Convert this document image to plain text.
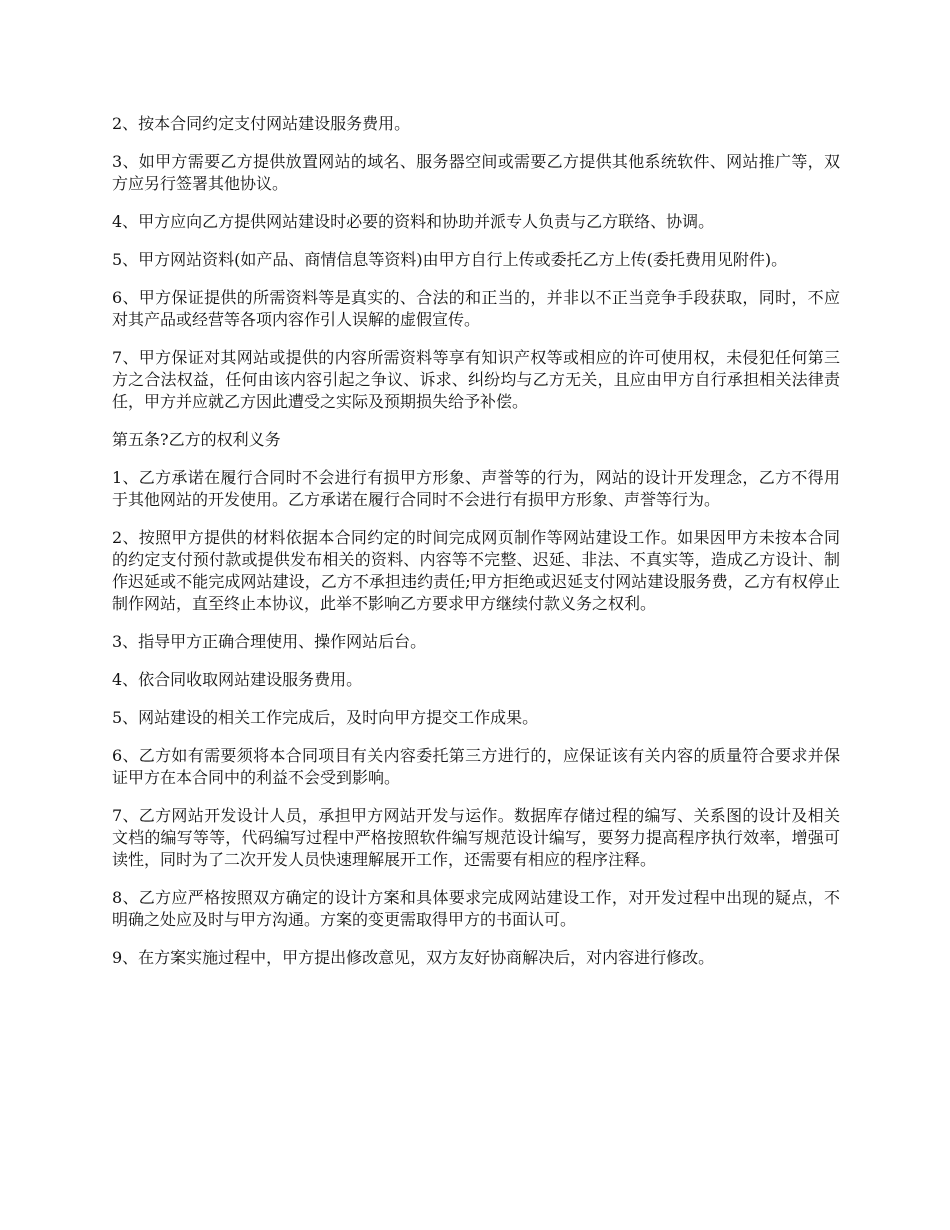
2、按本合同约定支付网站建设服务费用。

3、如甲方需要乙方提供放置网站的域名、服务器空间或需要乙方提供其他系统软件、网站推广等，双方应另行签署其他协议。

4、甲方应向乙方提供网站建设时必要的资料和协助并派专人负责与乙方联络、协调。

5、甲方网站资料(如产品、商情信息等资料)由甲方自行上传或委托乙方上传(委托费用见附件)。

6、甲方保证提供的所需资料等是真实的、合法的和正当的，并非以不正当竞争手段获取，同时，不应对其产品或经营等各项内容作引人误解的虚假宣传。

7、甲方保证对其网站或提供的内容所需资料等享有知识产权等或相应的许可使用权，未侵犯任何第三方之合法权益，任何由该内容引起之争议、诉求、纠纷均与乙方无关，且应由甲方自行承担相关法律责任，甲方并应就乙方因此遭受之实际及预期损失给予补偿。

第五条?乙方的权利义务

1、乙方承诺在履行合同时不会进行有损甲方形象、声誉等的行为，网站的设计开发理念，乙方不得用于其他网站的开发使用。乙方承诺在履行合同时不会进行有损甲方形象、声誉等行为。

2、按照甲方提供的材料依据本合同约定的时间完成网页制作等网站建设工作。如果因甲方未按本合同的约定支付预付款或提供发布相关的资料、内容等不完整、迟延、非法、不真实等，造成乙方设计、制作迟延或不能完成网站建设，乙方不承担违约责任;甲方拒绝或迟延支付网站建设服务费，乙方有权停止制作网站，直至终止本协议，此举不影响乙方要求甲方继续付款义务之权利。

3、指导甲方正确合理使用、操作网站后台。

4、依合同收取网站建设服务费用。

5、网站建设的相关工作完成后，及时向甲方提交工作成果。

6、乙方如有需要须将本合同项目有关内容委托第三方进行的，应保证该有关内容的质量符合要求并保证甲方在本合同中的利益不会受到影响。

7、乙方网站开发设计人员，承担甲方网站开发与运作。数据库存储过程的编写、关系图的设计及相关文档的编写等等，代码编写过程中严格按照软件编写规范设计编写，要努力提高程序执行效率，增强可读性，同时为了二次开发人员快速理解展开工作，还需要有相应的程序注释。

8、乙方应严格按照双方确定的设计方案和具体要求完成网站建设工作，对开发过程中出现的疑点，不明确之处应及时与甲方沟通。方案的变更需取得甲方的书面认可。

9、在方案实施过程中，甲方提出修改意见，双方友好协商解决后，对内容进行修改。
